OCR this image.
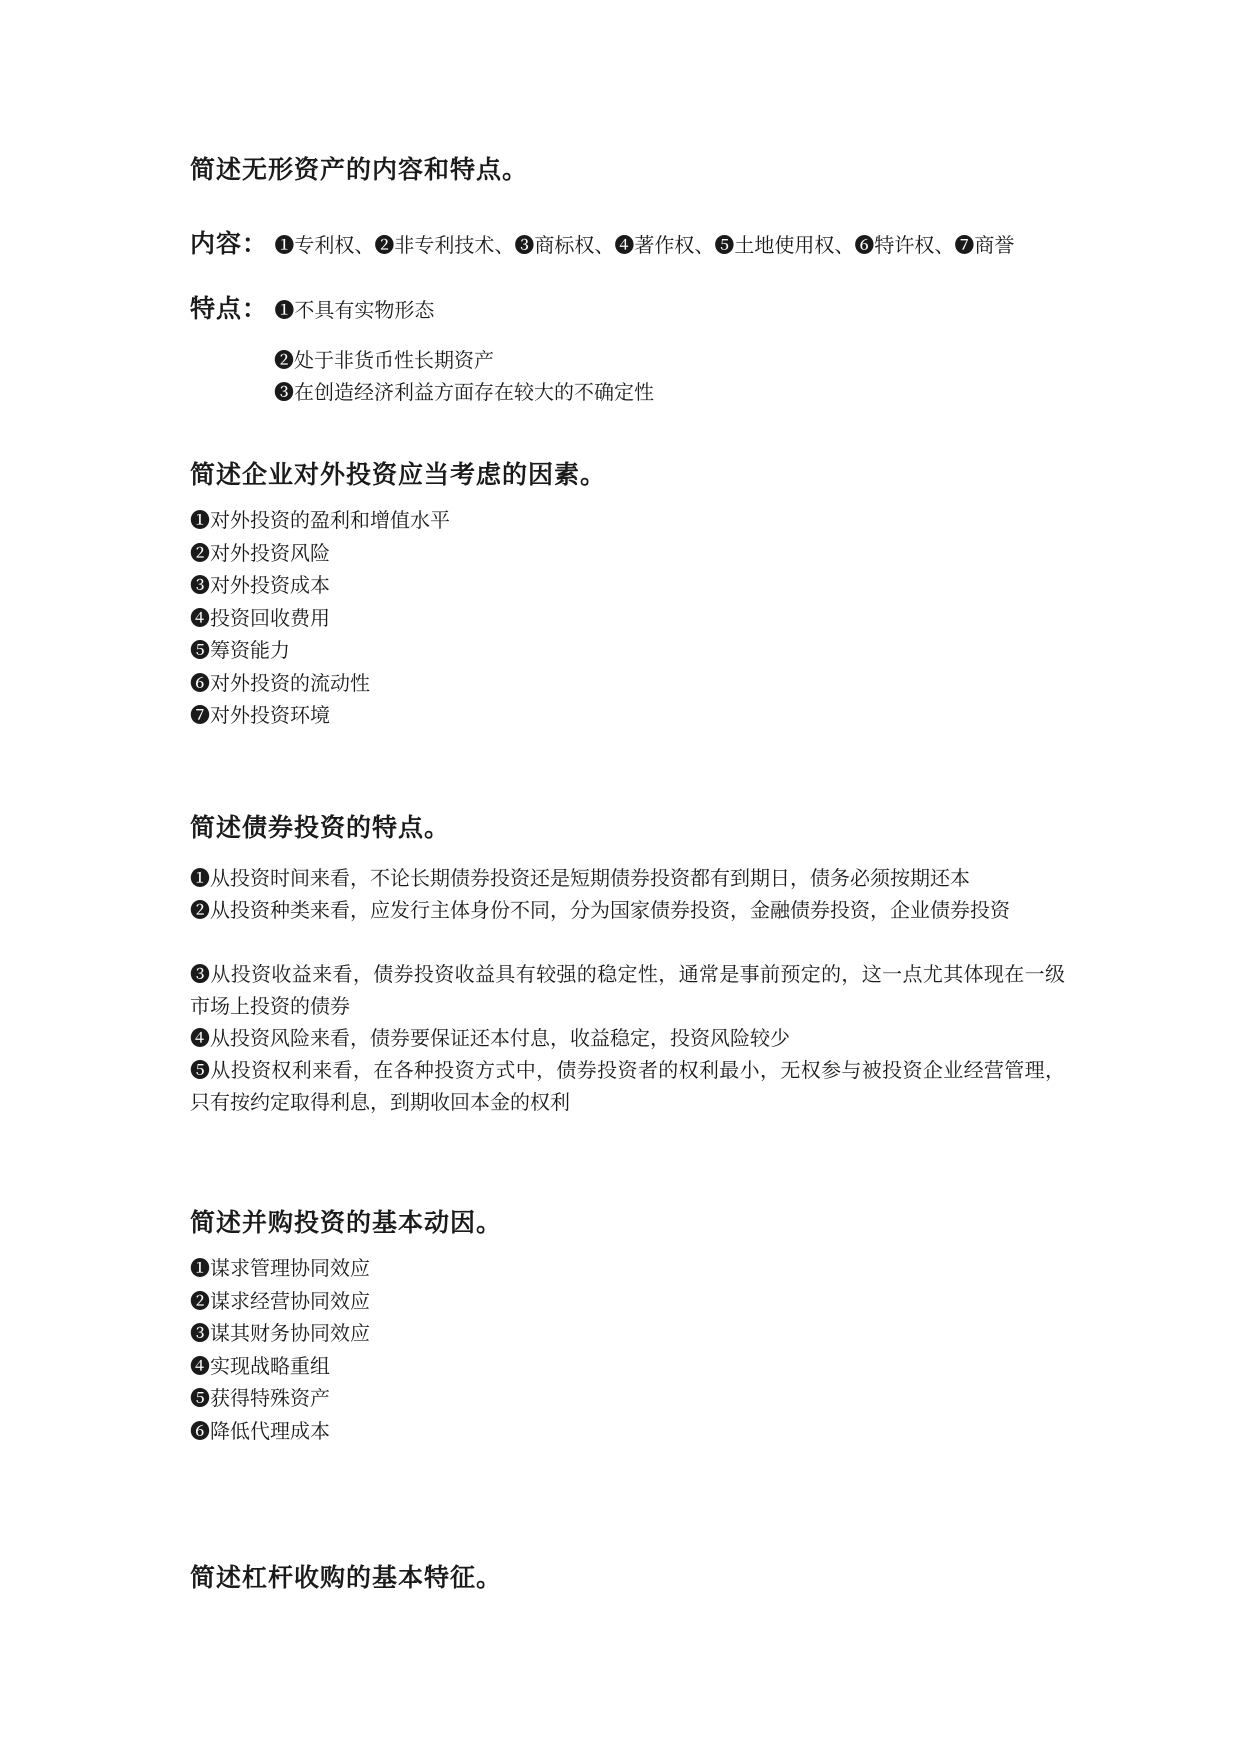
简述无形资产的内容和特点。

内容： ❶专利权、❷非专利技术、❸商标权、❹著作权、❺土地使用权、❻特许权、❼商誉

特点： ❶不具有实物形态

❷处于非货币性长期资产

❸在创造经济利益方面存在较大的不确定性

简述企业对外投资应当考虑的因素。
❶对外投资的盈利和增值水平
❷对外投资风险
❸对外投资成本
❹投资回收费用
❺筹资能力
❻对外投资的流动性
❼对外投资环境
简述债券投资的特点。

❶从投资时间来看，不论长期债券投资还是短期债券投资都有到期日，债务必须按期还本

❷从投资种类来看，应发行主体身份不同，分为国家债券投资，金融债券投资，企业债券投资

❸从投资收益来看，债券投资收益具有较强的稳定性，通常是事前预定的，这一点尤其体现在一级市场上投资的债券

❹从投资风险来看，债券要保证还本付息，收益稳定，投资风险较少

❺从投资权利来看，在各种投资方式中，债券投资者的权利最小，无权参与被投资企业经营管理，只有按约定取得利息，到期收回本金的权利

简述并购投资的基本动因。
❶谋求管理协同效应
❷谋求经营协同效应
❸谋其财务协同效应
❹实现战略重组
❺获得特殊资产
❻降低代理成本
简述杠杆收购的基本特征。
